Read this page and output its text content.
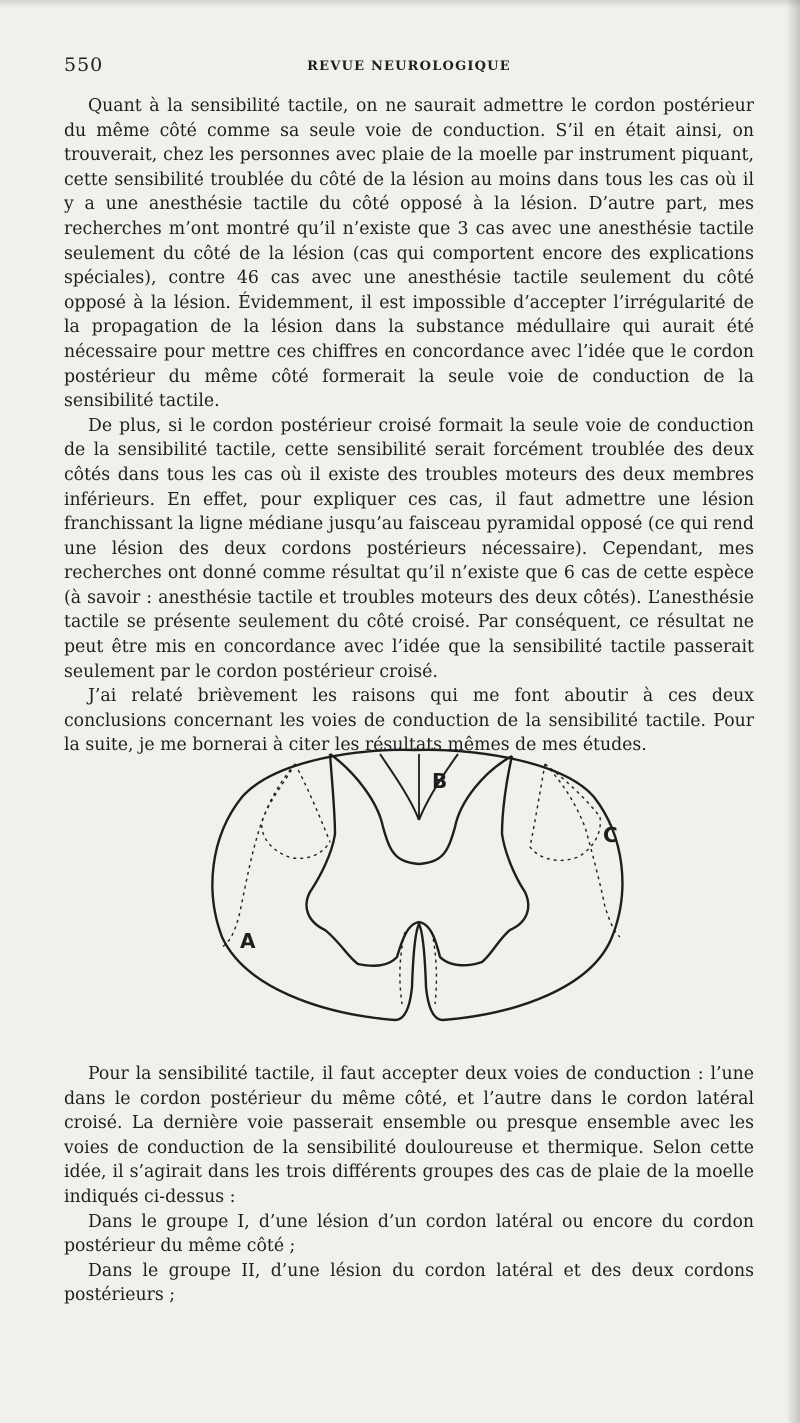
550	REVUE NEUROLOGIQUE

Quant à la sensibilité tactile, on ne saurait admettre le cordon postérieur du même côté comme sa seule voie de conduction. S’il en était ainsi, on trouverait, chez les personnes avec plaie de la moelle par instrument piquant, cette sensibilité troublée du côté de la lésion au moins dans tous les cas où il y a une anesthésie tactile du côté opposé à la lésion. D’autre part, mes recherches m’ont montré qu’il n’existe que 3 cas avec une anesthésie tactile seulement du côté de la lésion (cas qui comportent encore des explications spéciales), contre 46 cas avec une anesthésie tactile seulement du côté opposé à la lésion. Évidemment, il est impossible d’accepter l’irrégularité de la propagation de la lésion dans la substance médullaire qui aurait été nécessaire pour mettre ces chiffres en concordance avec l’idée que le cordon postérieur du même côté formerait la seule voie de conduction de la sensibilité tactile.

De plus, si le cordon postérieur croisé formait la seule voie de conduction de la sensibilité tactile, cette sensibilité serait forcément troublée des deux côtés dans tous les cas où il existe des troubles moteurs des deux membres inférieurs. En effet, pour expliquer ces cas, il faut admettre une lésion franchissant la ligne médiane jusqu’au faisceau pyramidal opposé (ce qui rend une lésion des deux cordons postérieurs nécessaire). Cependant, mes recherches ont donné comme résultat qu’il n’existe que 6 cas de cette espèce (à savoir : anesthésie tactile et troubles moteurs des deux côtés). L’anesthésie tactile se présente seulement du côté croisé. Par conséquent, ce résultat ne peut être mis en concordance avec l’idée que la sensibilité tactile passerait seulement par le cordon postérieur croisé.

J’ai relaté brièvement les raisons qui me font aboutir à ces deux conclusions concernant les voies de conduction de la sensibilité tactile. Pour la suite, je me bornerai à citer les résultats mêmes de mes études.

A
B
C

Pour la sensibilité tactile, il faut accepter deux voies de conduction : l’une dans le cordon postérieur du même côté, et l’autre dans le cordon latéral croisé. La dernière voie passerait ensemble ou presque ensemble avec les voies de conduction de la sensibilité douloureuse et thermique. Selon cette idée, il s’agirait dans les trois différents groupes des cas de plaie de la moelle indiqués ci-dessus :

Dans le groupe I, d’une lésion d’un cordon latéral ou encore du cordon postérieur du même côté ;

Dans le groupe II, d’une lésion du cordon latéral et des deux cordons postérieurs ;
